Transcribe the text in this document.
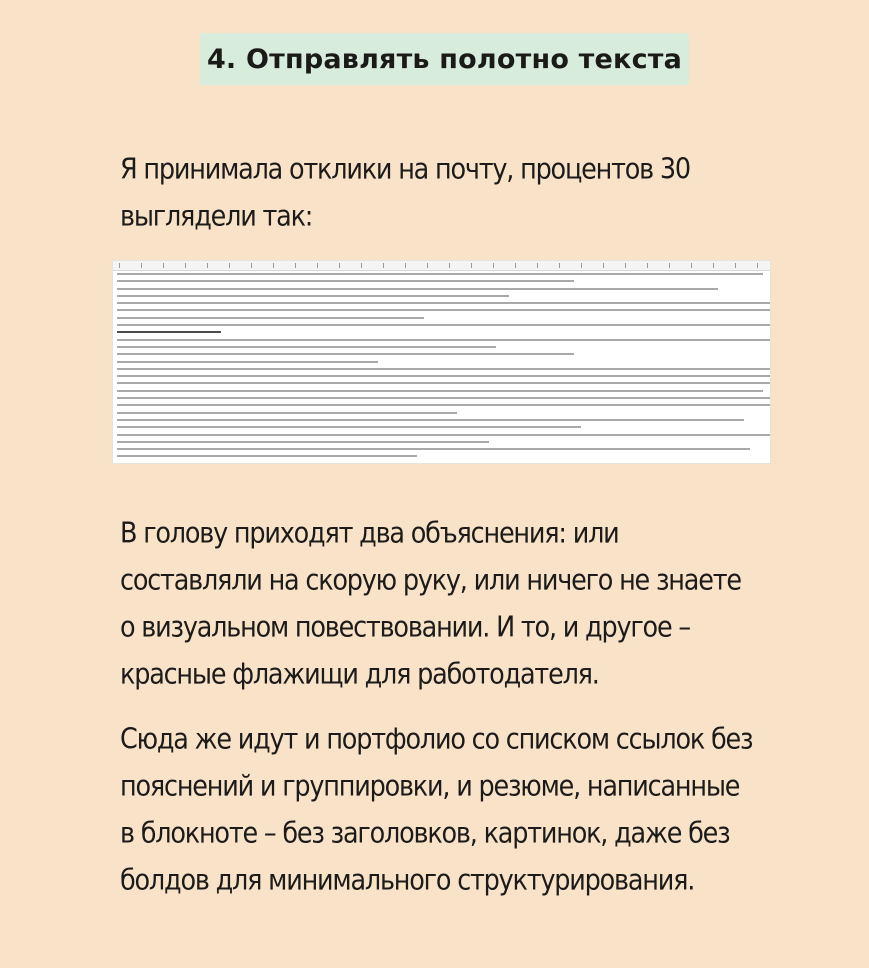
4. Отправлять полотно текста
Я принимала отклики на почту, процентов 30
выглядели так:
В голову приходят два объяснения: или
составляли на скорую руку, или ничего не знаете
о визуальном повествовании. И то, и другое –
красные флажищи для работодателя.
Сюда же идут и портфолио со списком ссылок без
пояснений и группировки, и резюме, написанные
в блокноте – без заголовков, картинок, даже без
болдов для минимального структурирования.
